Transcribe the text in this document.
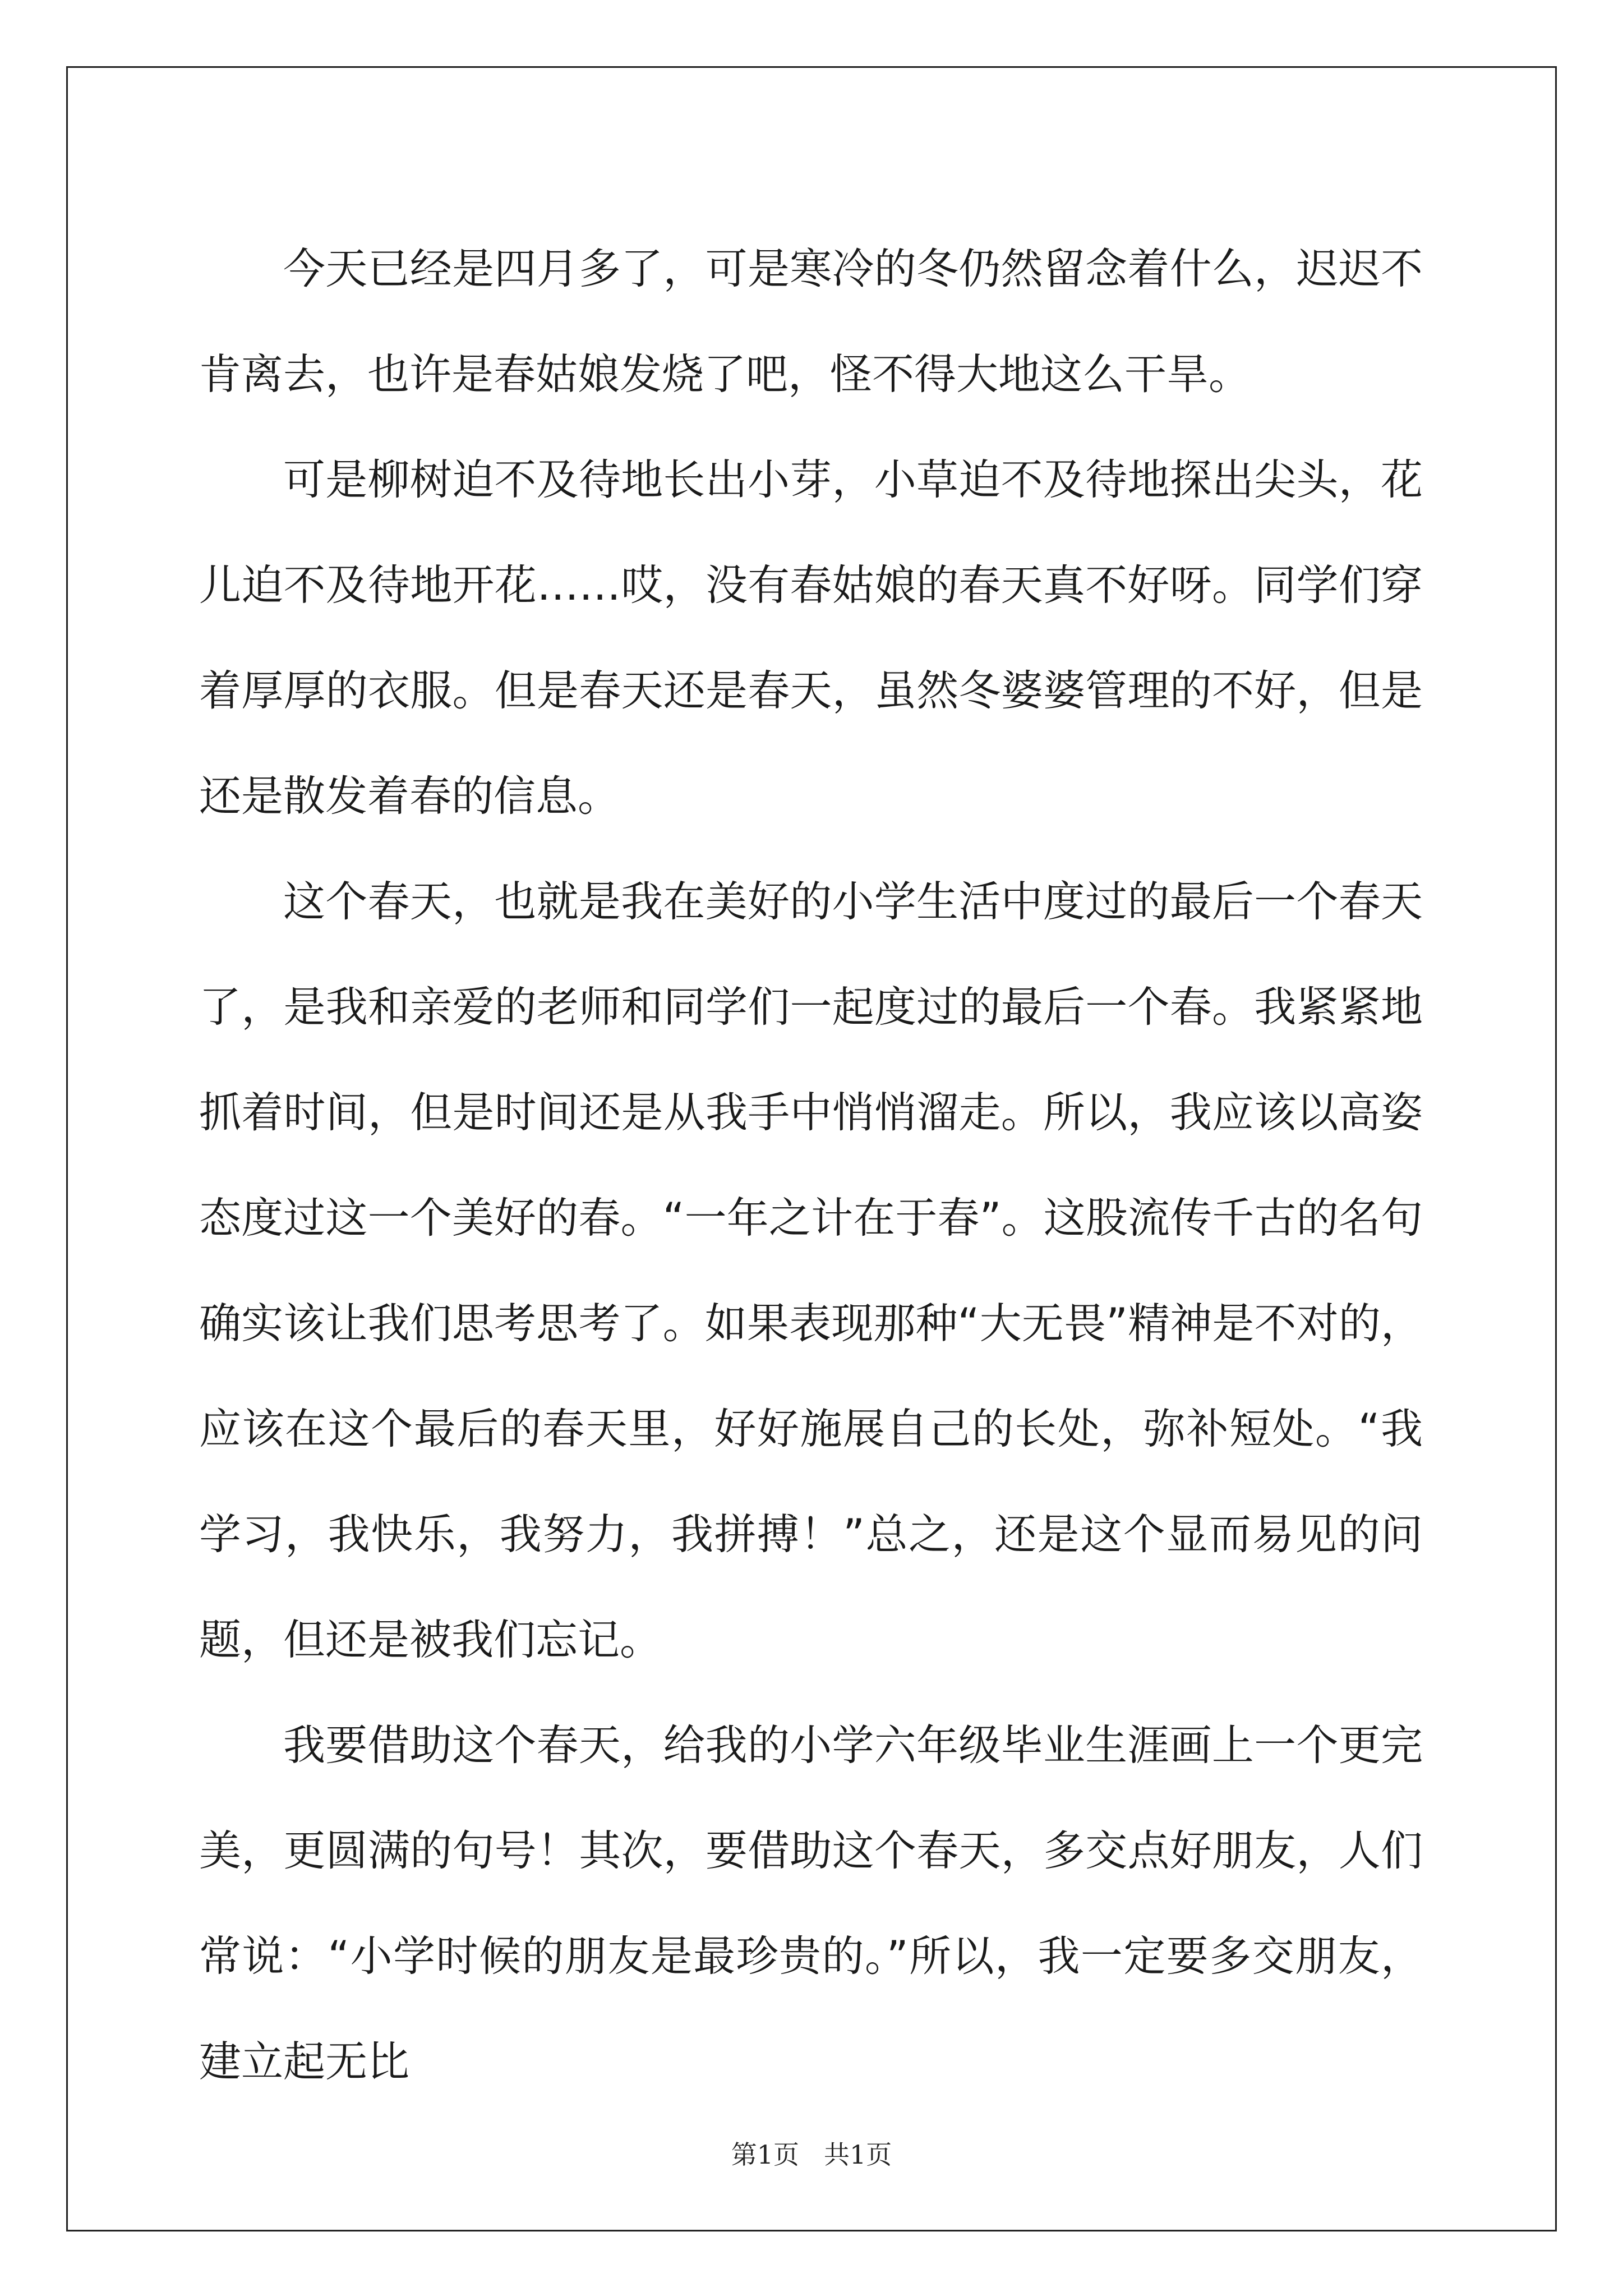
今天已经是四月多了，可是寒冷的冬仍然留念着什么，迟迟不肯离去，也许是春姑娘发烧了吧，怪不得大地这么干旱。

可是柳树迫不及待地长出小芽，小草迫不及待地探出尖头，花儿迫不及待地开花……哎，没有春姑娘的春天真不好呀。同学们穿着厚厚的衣服。但是春天还是春天，虽然冬婆婆管理的不好，但是还是散发着春的信息。

这个春天，也就是我在美好的小学生活中度过的最后一个春天了，是我和亲爱的老师和同学们一起度过的最后一个春。我紧紧地抓着时间，但是时间还是从我手中悄悄溜走。所以，我应该以高姿态度过这一个美好的春。“一年之计在于春”。这股流传千古的名句确实该让我们思考思考了。如果表现那种“大无畏”精神是不对的，应该在这个最后的春天里，好好施展自己的长处，弥补短处。“我学习，我快乐，我努力，我拼搏！”总之，还是这个显而易见的问题，但还是被我们忘记。

我要借助这个春天，给我的小学六年级毕业生涯画上一个更完美，更圆满的句号！其次，要借助这个春天，多交点好朋友，人们常说：“小学时候的朋友是最珍贵的。”所以，我一定要多交朋友，建立起无比

第1页 共1页
